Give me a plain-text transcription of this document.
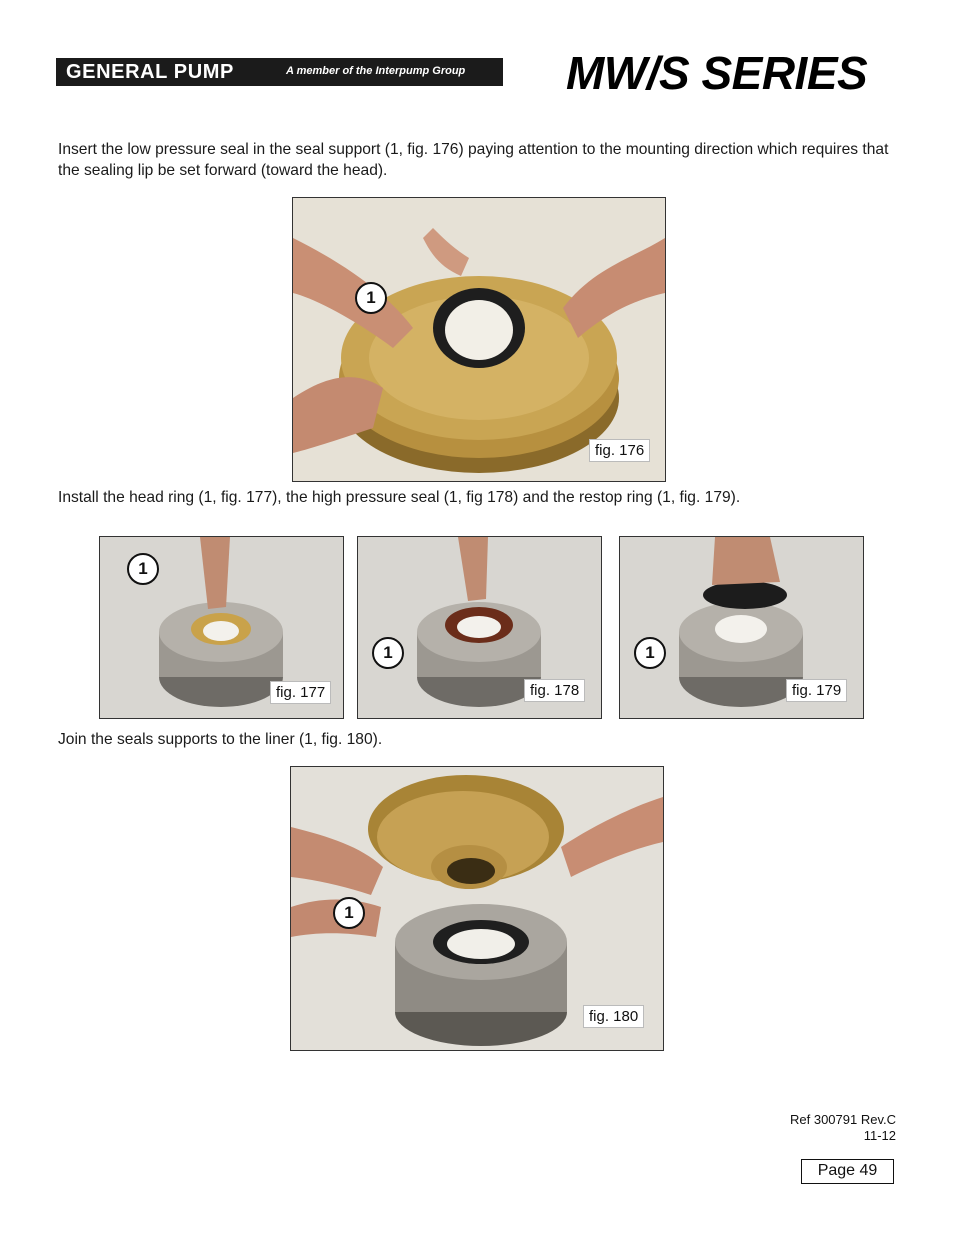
GENERAL PUMP	A member of the Interpump Group MW/S SERIES
Insert the low pressure seal in the seal support (1, fig. 176) paying attention to the mounting direction which requires that the sealing lip be set forward (toward the head).
1
fig. 176
Install the head ring (1, fig. 177), the high pressure seal (1, fig 178) and the restop ring (1, fig. 179).
1
fig. 177
1
fig. 178
1
fig. 179
Join the seals supports to the liner (1, fig. 180).
1
fig. 180
Ref 300791 Rev.C
11-12
Page 49
